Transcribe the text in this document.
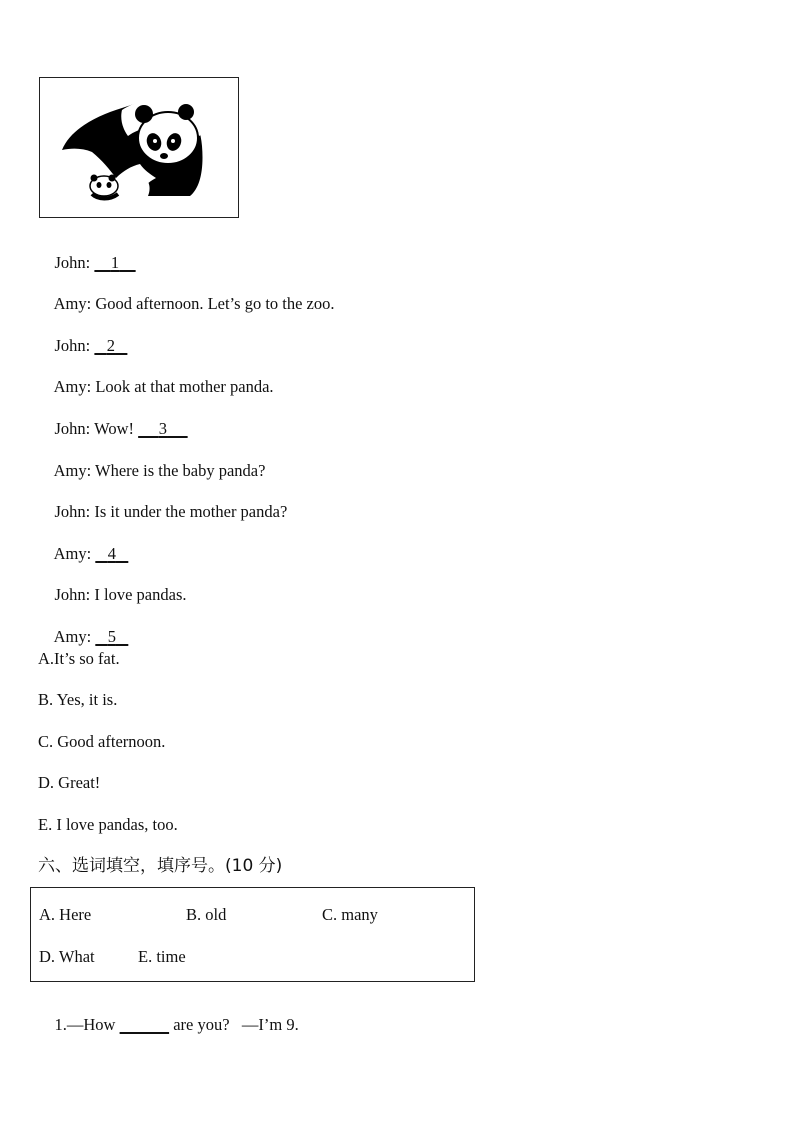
John: 1

Amy: Good afternoon. Let’s go to the zoo.

John: 2

Amy: Look at that mother panda.

John: Wow!      3

Amy: Where is the baby panda?

John: Is it under the mother panda?

Amy: 4

John: I love pandas.

Amy: 5

A.It’s so fat.
B. Yes, it is.
C. Good afternoon.
D. Great!
E. I love pandas, too.
六、选词填空，填序号。(10 分)
A. Here	B. old	C. many
D. What	E. time

1.—How	are you?   —I’m 9.
